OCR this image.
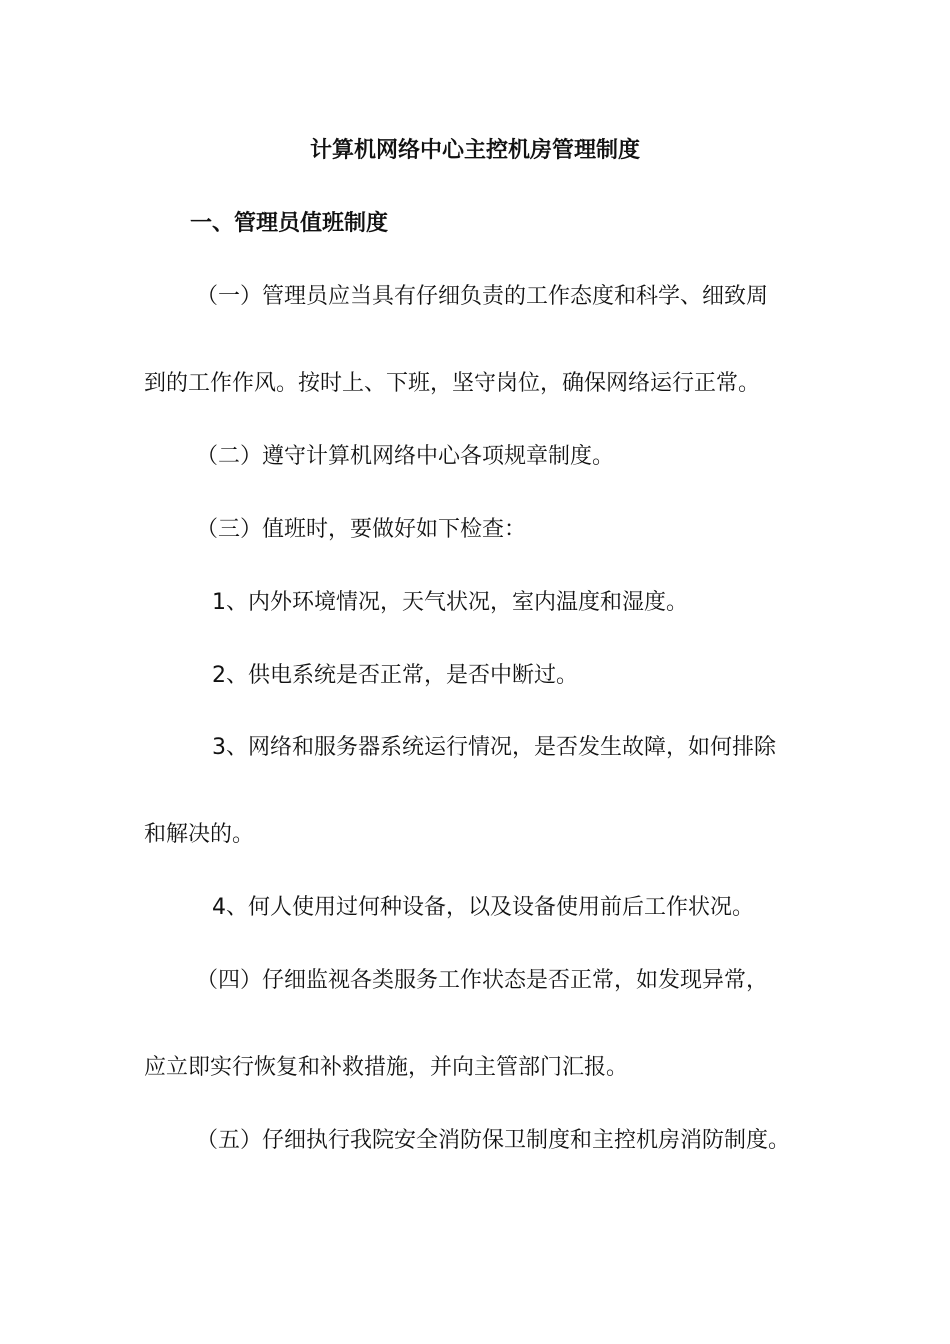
计算机网络中心主控机房管理制度
一、管理员值班制度
（一）管理员应当具有仔细负责的工作态度和科学、细致周
到的工作作风。按时上、下班，坚守岗位，确保网络运行正常。
（二）遵守计算机网络中心各项规章制度。
（三）值班时，要做好如下检查：
1、内外环境情况，天气状况，室内温度和湿度。
2、供电系统是否正常，是否中断过。
3、网络和服务器系统运行情况，是否发生故障，如何排除
和解决的。
4、何人使用过何种设备，以及设备使用前后工作状况。
（四）仔细监视各类服务工作状态是否正常，如发现异常，
应立即实行恢复和补救措施，并向主管部门汇报。
（五）仔细执行我院安全消防保卫制度和主控机房消防制度。
